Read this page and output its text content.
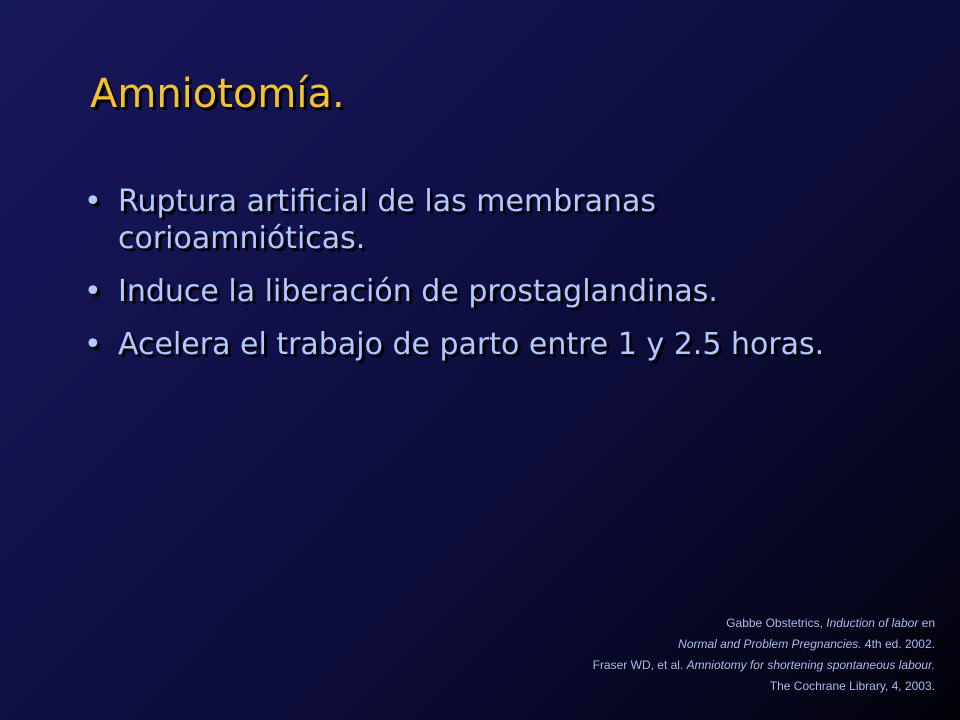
Amniotomía.
• Ruptura artificial de las membranas corioamnióticas.
• Induce la liberación de prostaglandinas.
• Acelera el trabajo de parto entre 1 y 2.5 horas.
Gabbe Obstetrics, Induction of labor en
Normal and Problem Pregnancies. 4th ed. 2002.
Fraser WD, et al. Amniotomy for shortening spontaneous labour.
The Cochrane Library, 4, 2003.
